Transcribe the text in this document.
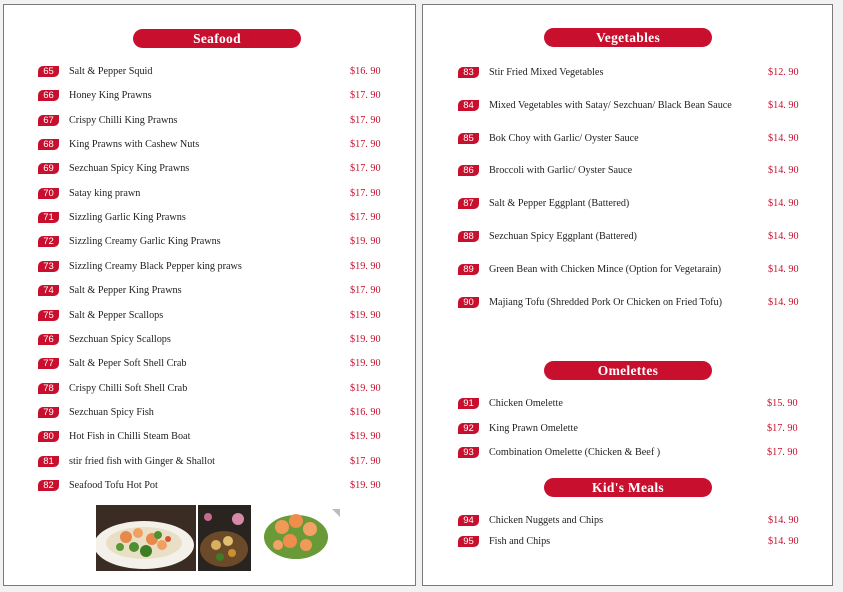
Seafood
65	Salt & Pepper Squid	$16. 90
66	Honey King Prawns	$17. 90
67	Crispy Chilli King Prawns	$17. 90
68	King Prawns with Cashew Nuts	$17. 90
69	Sezchuan Spicy King Prawns	$17. 90
70	Satay king prawn	$17. 90
71	Sizzling Garlic King Prawns	$17. 90
72	Sizzling Creamy Garlic King Prawns	$19. 90
73	Sizzling Creamy Black Pepper king praws	$19. 90
74	Salt & Pepper King Prawns	$17. 90
75	Salt & Pepper Scallops	$19. 90
76	Sezchuan Spicy Scallops	$19. 90
77	Salt & Peper Soft Shell Crab	$19. 90
78	Crispy Chilli Soft Shell Crab	$19. 90
79	Sezchuan Spicy Fish	$16. 90
80	Hot Fish in Chilli Steam Boat	$19. 90
81	stir fried fish with Ginger & Shallot	$17. 90
82	Seafood Tofu Hot Pot	$19. 90
Vegetables
83	Stir Fried Mixed Vegetables	$12. 90
84	Mixed Vegetables with Satay/ Sezchuan/ Black Bean Sauce	$14. 90
85	Bok Choy with Garlic/ Oyster Sauce	$14. 90
86	Broccoli with Garlic/ Oyster Sauce	$14. 90
87	Salt & Pepper Eggplant (Battered)	$14. 90
88	Sezchuan Spicy Eggplant (Battered)	$14. 90
89	Green Bean with Chicken Mince (Option for Vegetarain)	$14. 90
90	Majiang Tofu (Shredded Pork Or Chicken on Fried Tofu)	$14. 90
Omelettes
91	Chicken Omelette	$15. 90
92	King Prawn Omelette	$17. 90
93	Combination Omelette (Chicken & Beef )	$17. 90
Kid's Meals
94	Chicken Nuggets and Chips	$14. 90
95	Fish and Chips	$14. 90
